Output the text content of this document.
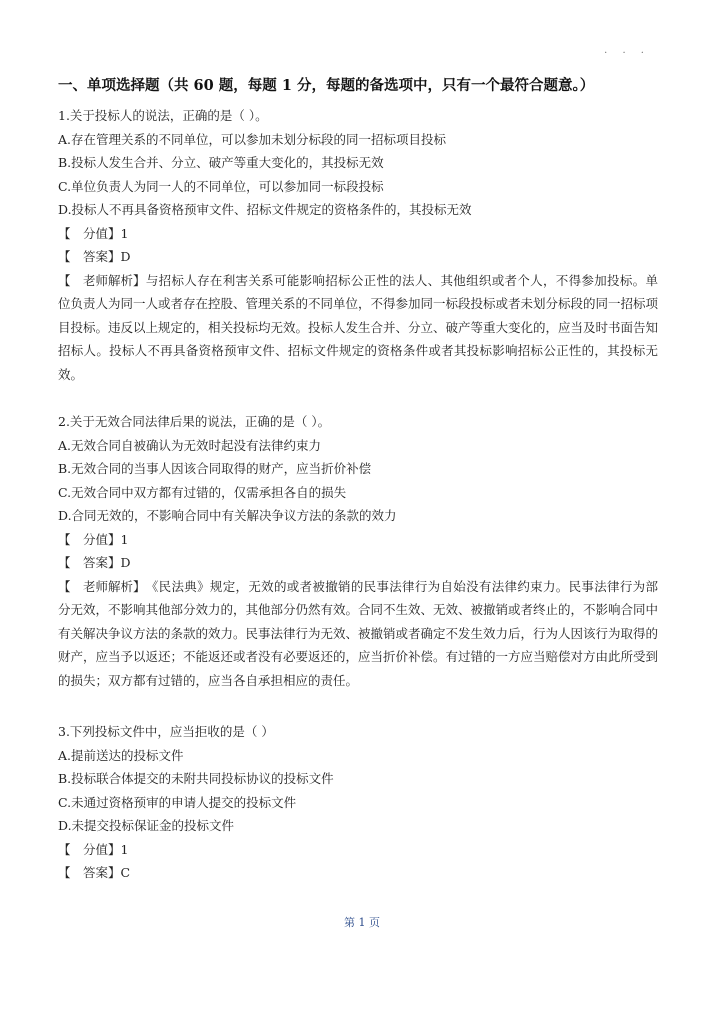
· · ·
一、单项选择题（共 60 题，每题 1 分，每题的备选项中，只有一个最符合题意。）
1.关于投标人的说法，正确的是（ ）。
A.存在管理关系的不同单位，可以参加未划分标段的同一招标项目投标
B.投标人发生合并、分立、破产等重大变化的，其投标无效
C.单位负责人为同一人的不同单位，可以参加同一标段投标
D.投标人不再具备资格预审文件、招标文件规定的资格条件的，其投标无效
【　分值】1
【　答案】D
【　老师解析】与招标人存在利害关系可能影响招标公正性的法人、其他组织或者个人，不得参加投标。单位负责人为同一人或者存在控股、管理关系的不同单位，不得参加同一标段投标或者未划分标段的同一招标项目投标。违反以上规定的，相关投标均无效。投标人发生合并、分立、破产等重大变化的，应当及时书面告知招标人。投标人不再具备资格预审文件、招标文件规定的资格条件或者其投标影响招标公正性的，其投标无效。
2.关于无效合同法律后果的说法，正确的是（ ）。
A.无效合同自被确认为无效时起没有法律约束力
B.无效合同的当事人因该合同取得的财产，应当折价补偿
C.无效合同中双方都有过错的，仅需承担各自的损失
D.合同无效的，不影响合同中有关解决争议方法的条款的效力
【　分值】1
【　答案】D
【　老师解析】《民法典》规定，无效的或者被撤销的民事法律行为自始没有法律约束力。民事法律行为部分无效，不影响其他部分效力的，其他部分仍然有效。合同不生效、无效、被撤销或者终止的，不影响合同中有关解决争议方法的条款的效力。民事法律行为无效、被撤销或者确定不发生效力后，行为人因该行为取得的财产，应当予以返还；不能返还或者没有必要返还的，应当折价补偿。有过错的一方应当赔偿对方由此所受到的损失；双方都有过错的，应当各自承担相应的责任。
3.下列投标文件中，应当拒收的是（ ）
A.提前送达的投标文件
B.投标联合体提交的未附共同投标协议的投标文件
C.未通过资格预审的申请人提交的投标文件
D.未提交投标保证金的投标文件
【　分值】1
【　答案】C
第 1 页
